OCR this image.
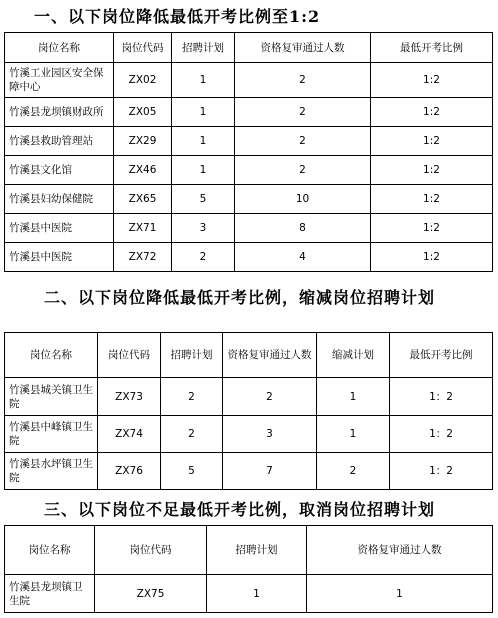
一、以下岗位降低最低开考比例至1:2
岗位名称	岗位代码	招聘计划	资格复审通过人数	最低开考比例
竹溪工业园区安全保障中心	ZX02	1	2	1:2
竹溪县龙坝镇财政所	ZX05	1	2	1:2
竹溪县救助管理站	ZX29	1	2	1:2
竹溪县文化馆	ZX46	1	2	1:2
竹溪县妇幼保健院	ZX65	5	10	1:2
竹溪县中医院	ZX71	3	8	1:2
竹溪县中医院	ZX72	2	4	1:2
二、以下岗位降低最低开考比例，缩减岗位招聘计划
岗位名称	岗位代码	招聘计划	资格复审通过人数	缩减计划	最低开考比例
竹溪县城关镇卫生院	ZX73	2	2	1	1：2
竹溪县中峰镇卫生院	ZX74	2	3	1	1：2
竹溪县水坪镇卫生院	ZX76	5	7	2	1：2
三、以下岗位不足最低开考比例，取消岗位招聘计划
岗位名称	岗位代码	招聘计划	资格复审通过人数
竹溪县龙坝镇卫生院	ZX75	1	1
